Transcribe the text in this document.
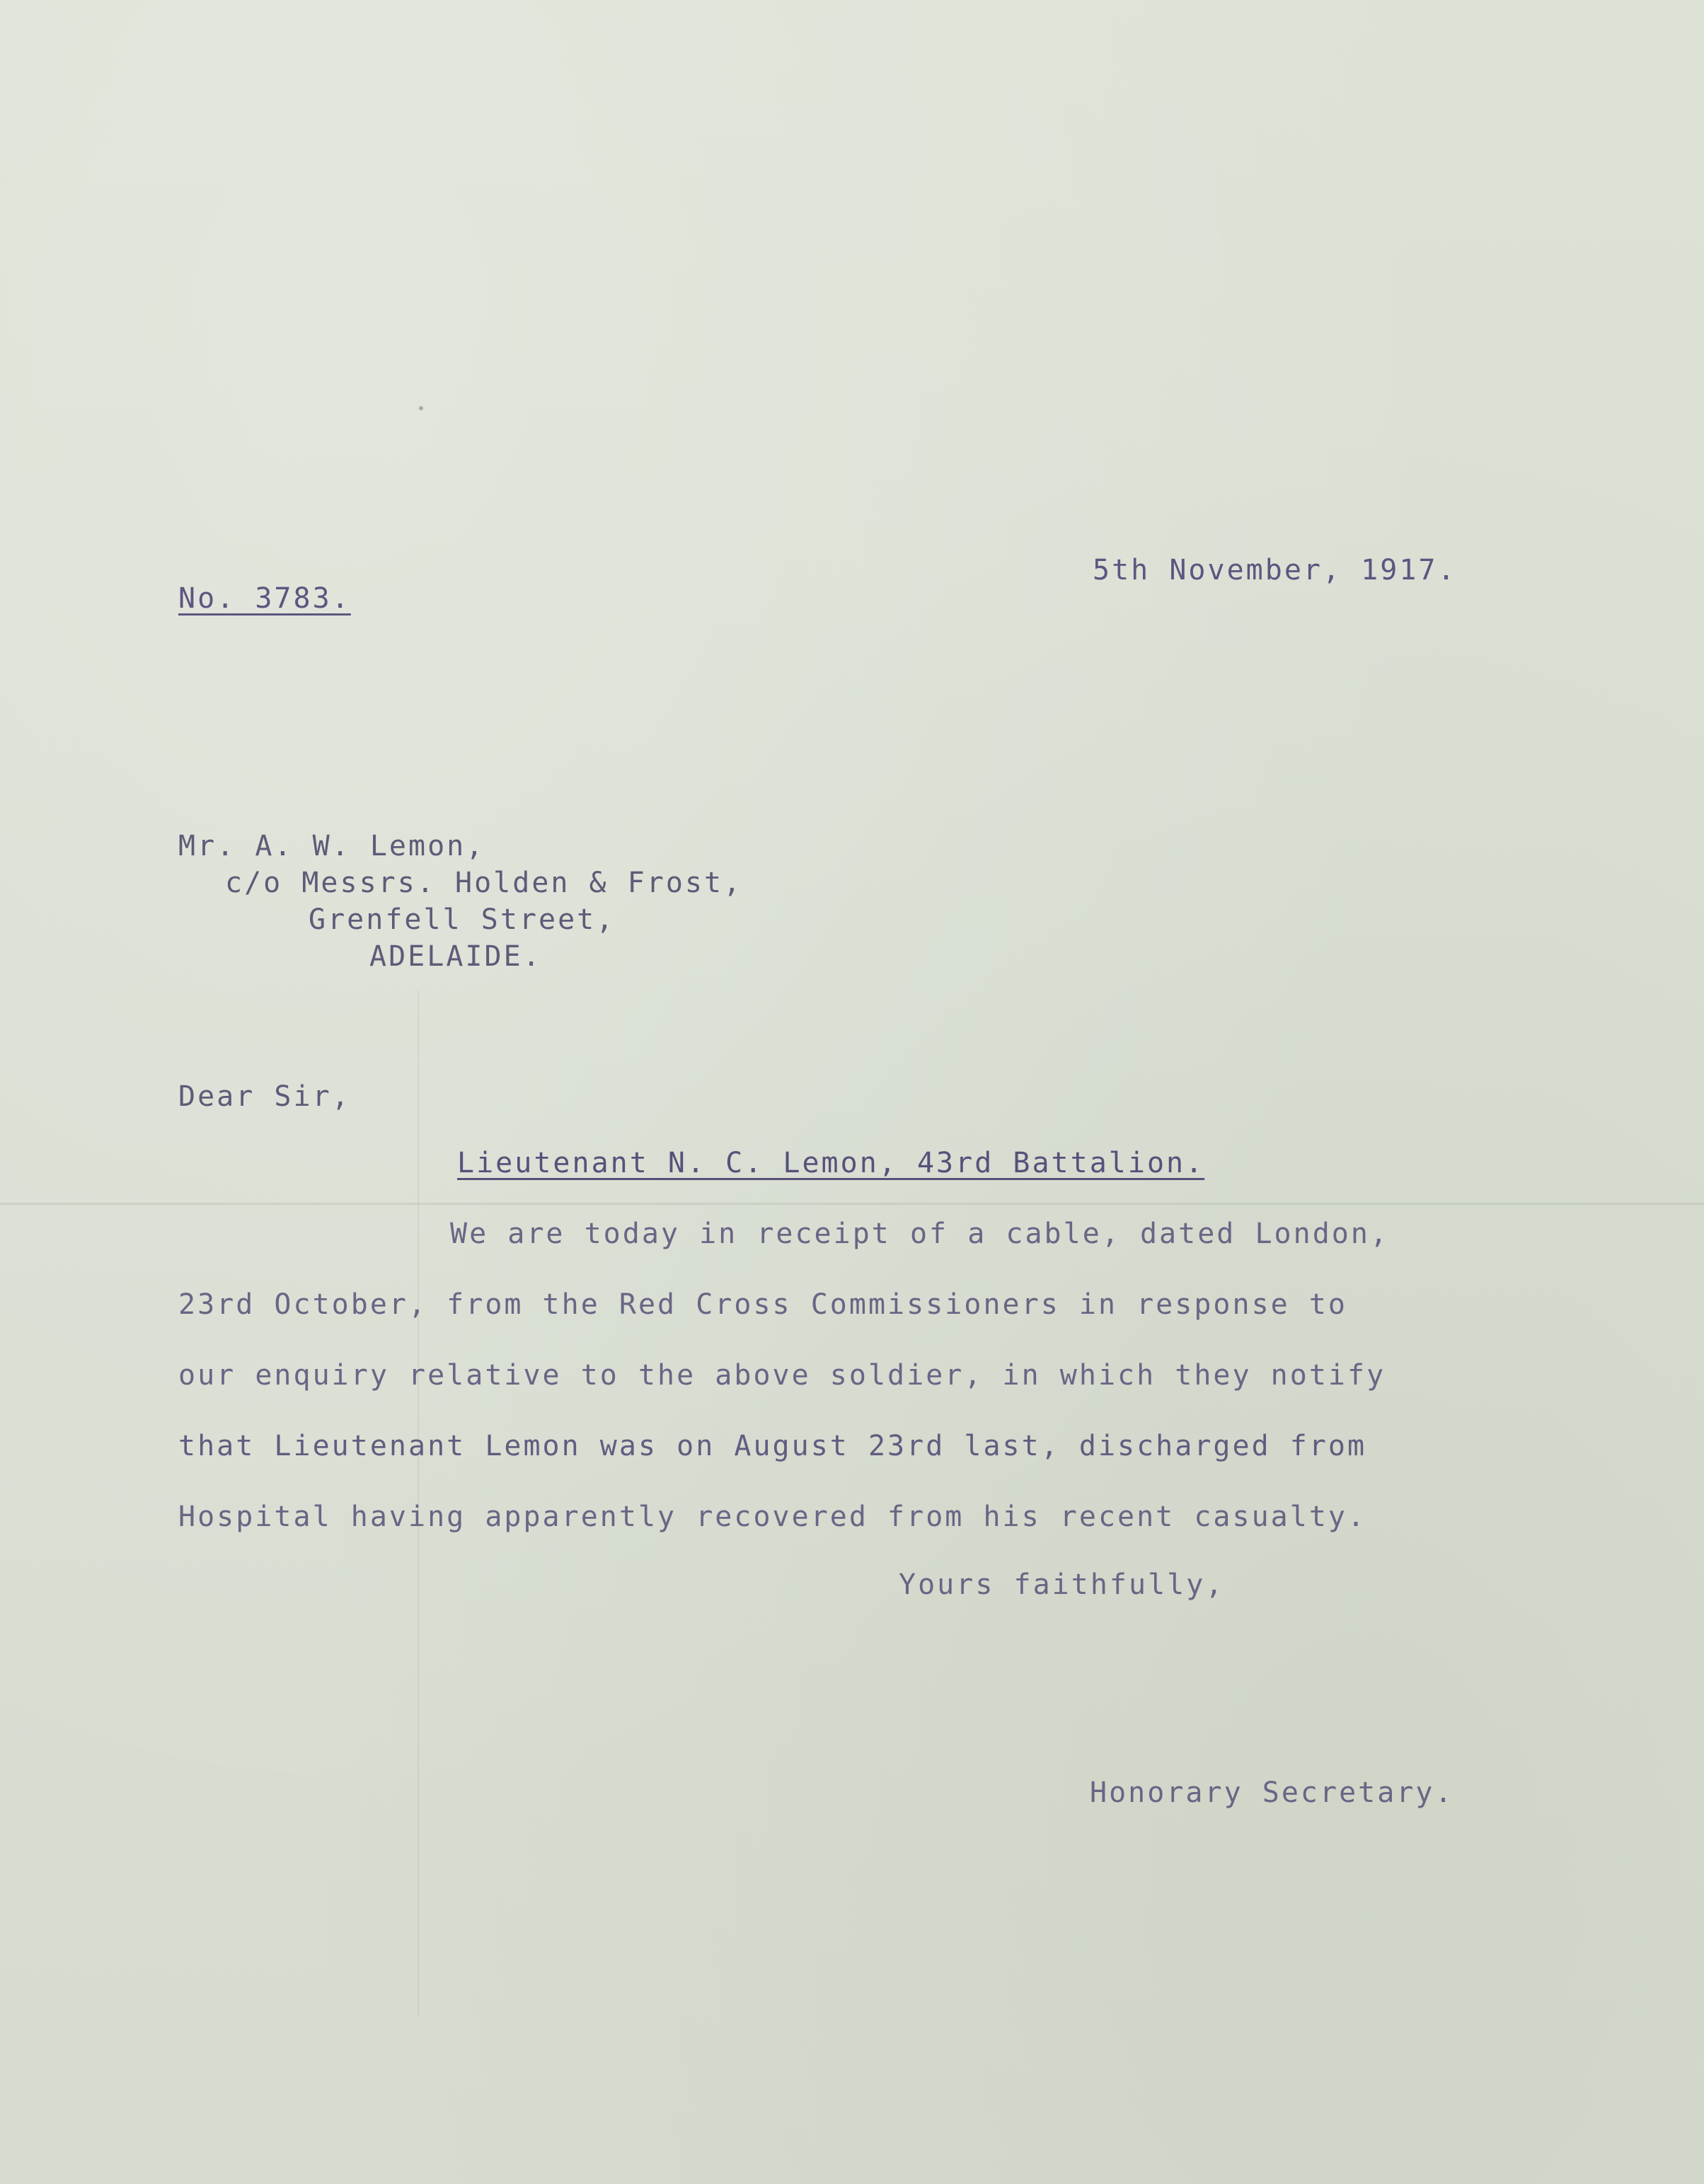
No. 3783.
5th November, 1917.
Mr. A. W. Lemon,
c/o Messrs. Holden & Frost,
Grenfell Street,
ADELAIDE.
Dear Sir,
Lieutenant N. C. Lemon, 43rd Battalion.
We are today in receipt of a cable, dated London,
23rd October, from the Red Cross Commissioners in response to
our enquiry relative to the above soldier, in which they notify
that Lieutenant Lemon was on August 23rd last, discharged from
Hospital having apparently recovered from his recent casualty.
Yours faithfully,
Honorary Secretary.
